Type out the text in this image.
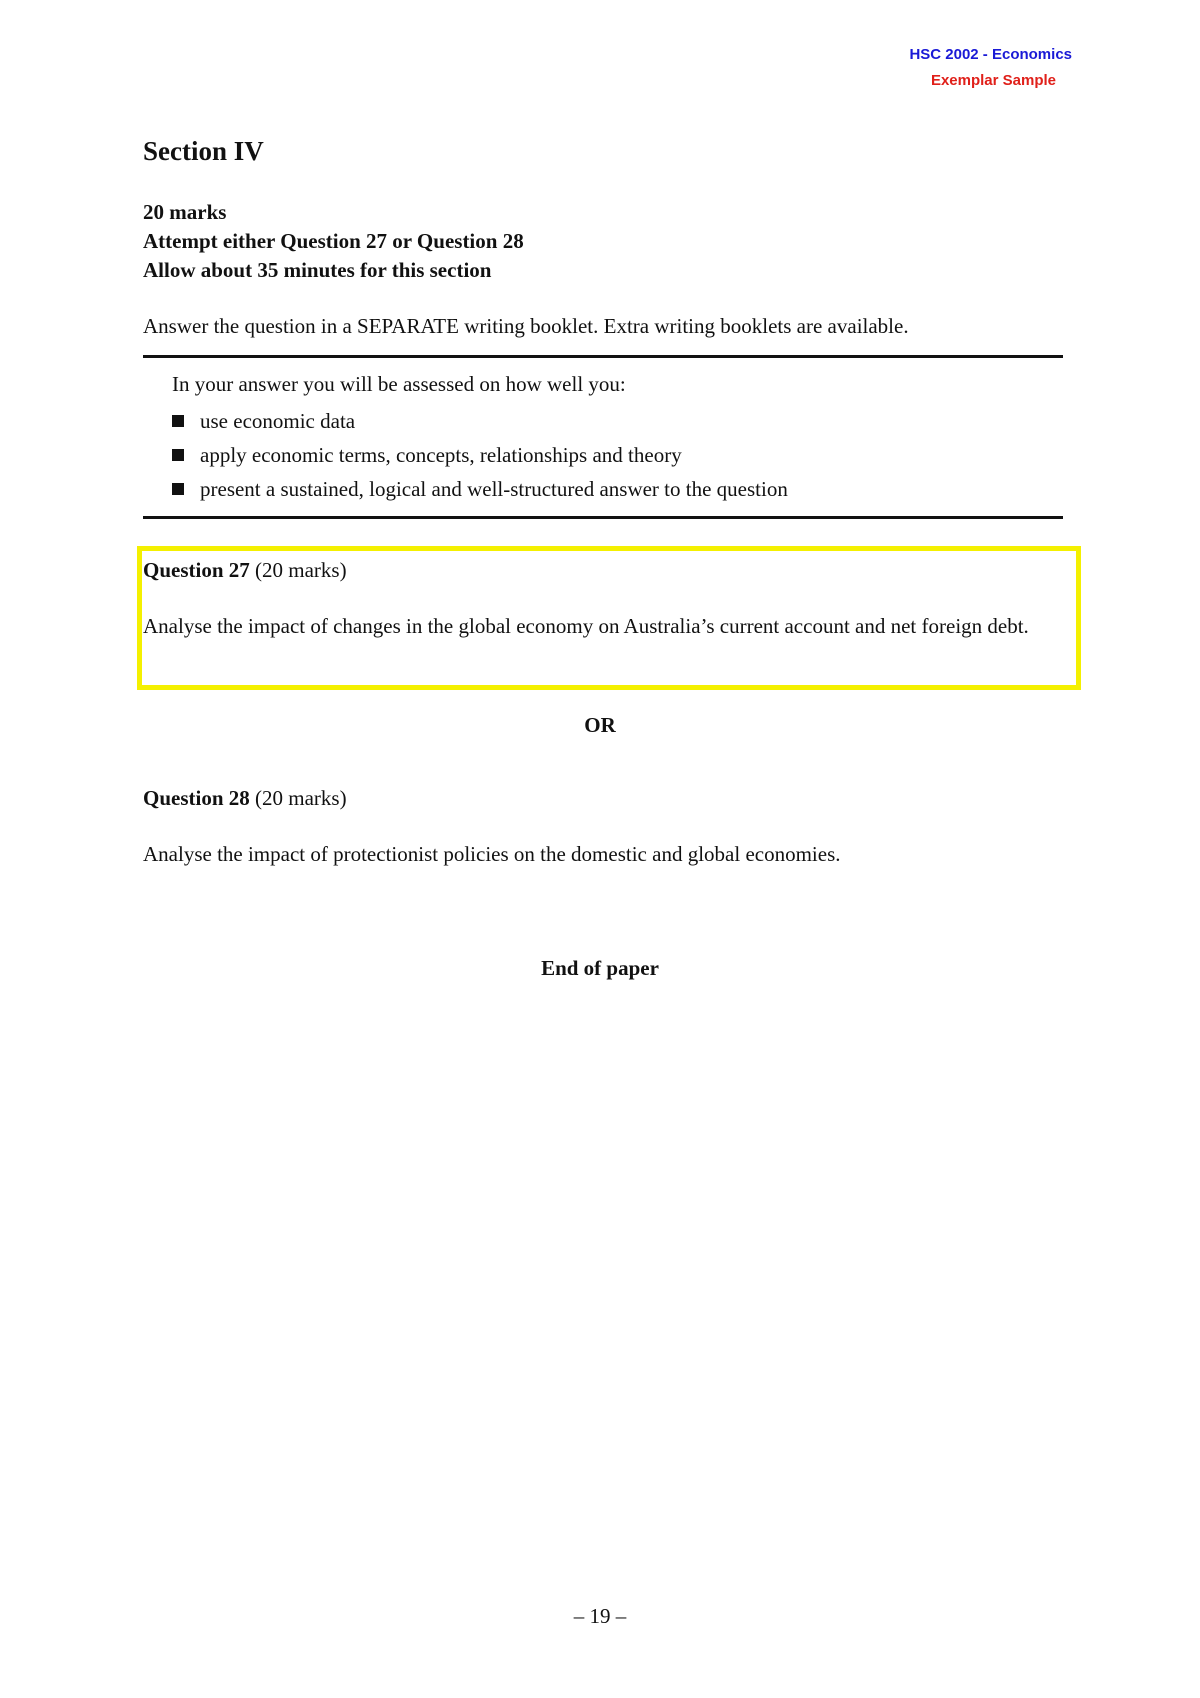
HSC 2002 - Economics
Exemplar Sample
Section IV
20 marks
Attempt either Question 27 or Question 28
Allow about 35 minutes for this section
Answer the question in a SEPARATE writing booklet. Extra writing booklets are available.
In your answer you will be assessed on how well you:
use economic data
apply economic terms, concepts, relationships and theory
present a sustained, logical and well-structured answer to the question
Question 27 (20 marks)
Analyse the impact of changes in the global economy on Australia’s current account and net foreign debt.
OR
Question 28 (20 marks)
Analyse the impact of protectionist policies on the domestic and global economies.
End of paper
– 19 –
